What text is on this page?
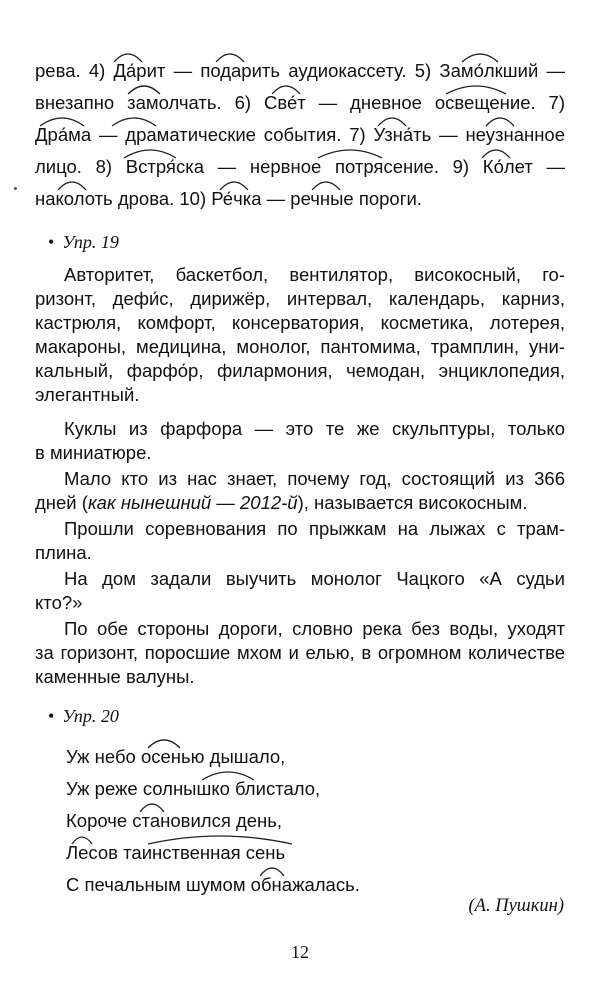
рева. 4) Да́рит — подарить аудиокассету. 5) Замо́лкший —
внезапно замолчать. 6) Све́т — дневное освещение. 7)
Дра́ма — драматические события. 7) Узна́ть — неузнанное
лицо. 8) Встря́ска — нервное потрясение. 9) Ко́лет —
наколоть дрова. 10) Ре́чка — речные пороги.
• Упр. 19
Авторитет, баскетбол, вентилятор, високосный, го-
ризонт, дефи́с, дирижёр, интервал, календарь, карниз,
кастрюля, комфорт, консерватория, косметика, лотерея,
макароны, медицина, монолог, пантомима, трамплин, уни-
кальный, фарфо́р, филармония, чемодан, энциклопедия,
элегантный.
Куклы из фарфора — это те же скульптуры, только
в миниатюре.
Мало кто из нас знает, почему год, состоящий из 366
дней (как нынешний — 2012-й), называется високосным.
Прошли соревнования по прыжкам на лыжах с трам-
плина.
На дом задали выучить монолог Чацкого «А судьи
кто?»
По обе стороны дороги, словно река без воды, уходят
за горизонт, поросшие мхом и елью, в огромном количестве
каменные валуны.
• Упр. 20
Уж небо осенью дышало,
Уж реже солнышко блистало,
Короче становился день,
Лесов таинственная сень
С печальным шумом обнажалась.
(А. Пушкин)
12
